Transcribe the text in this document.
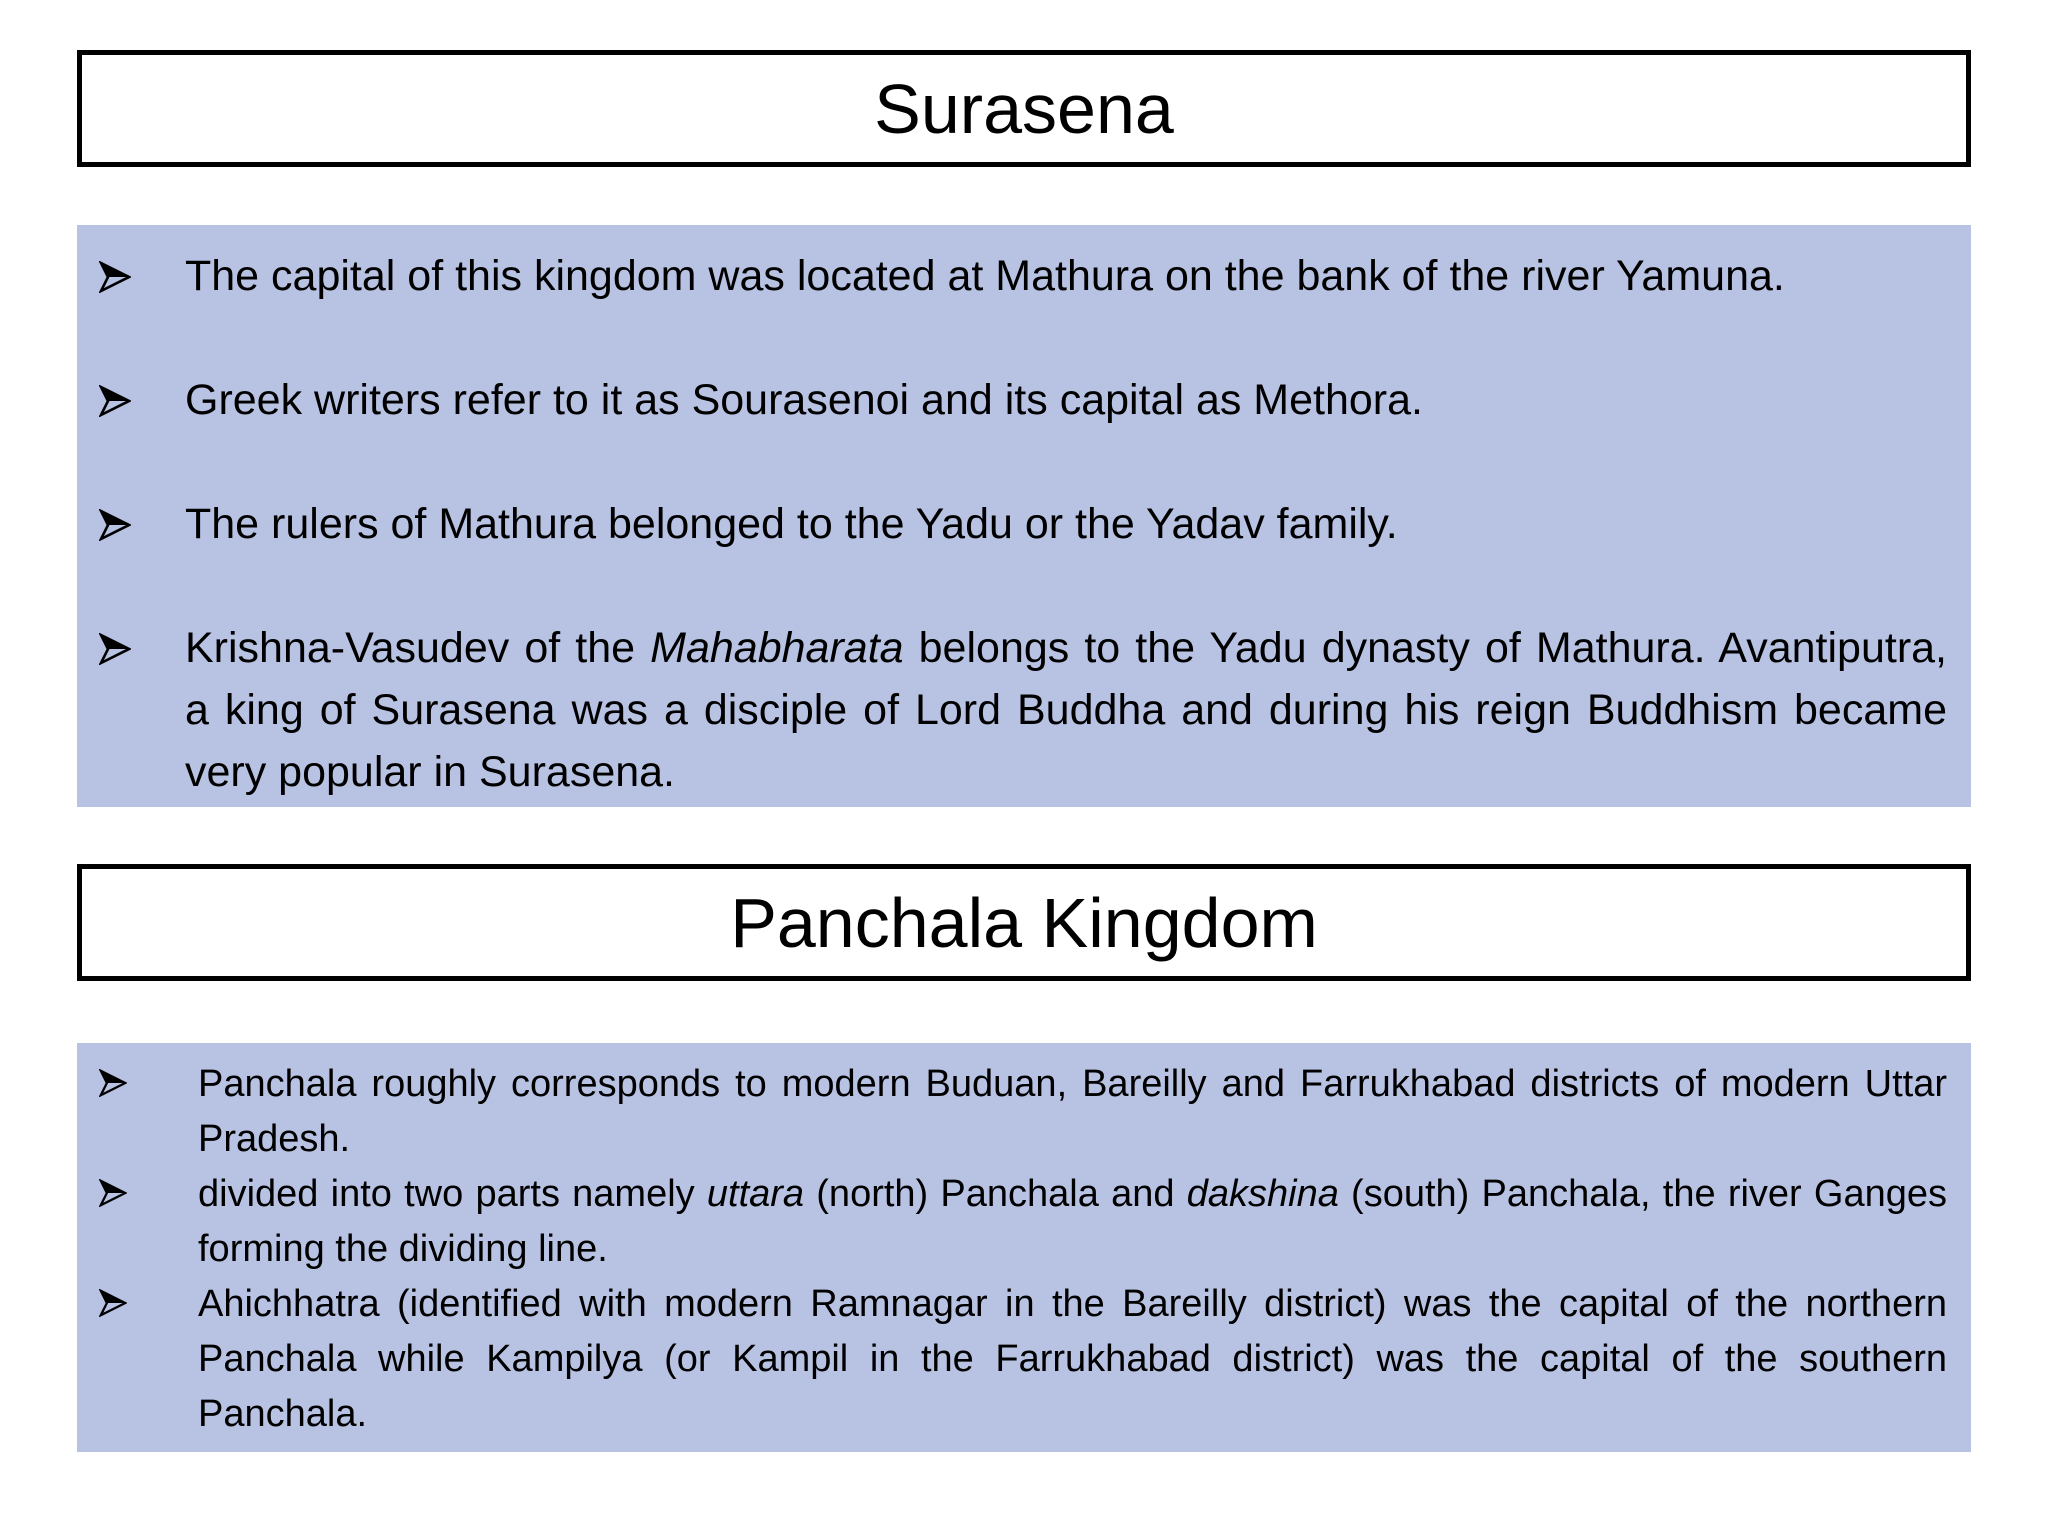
Surasena
The capital of this kingdom was located at Mathura on the bank of the river Yamuna.
Greek writers refer to it as Sourasenoi and its capital as Methora.
The rulers of Mathura belonged to the Yadu or the Yadav family.
Krishna-Vasudev of the Mahabharata belongs to the Yadu dynasty of Mathura. Avantiputra, a king of Surasena was a disciple of Lord Buddha and during his reign Buddhism became very popular in Surasena.
Panchala Kingdom
Panchala roughly corresponds to modern Buduan, Bareilly and Farrukhabad districts of modern Uttar Pradesh.
divided into two parts namely uttara (north) Panchala and dakshina (south) Panchala, the river Ganges forming the dividing line.
Ahichhatra (identified with modern Ramnagar in the Bareilly district) was the capital of the northern Panchala while Kampilya (or Kampil in the Farrukhabad district) was the capital of the southern Panchala.
